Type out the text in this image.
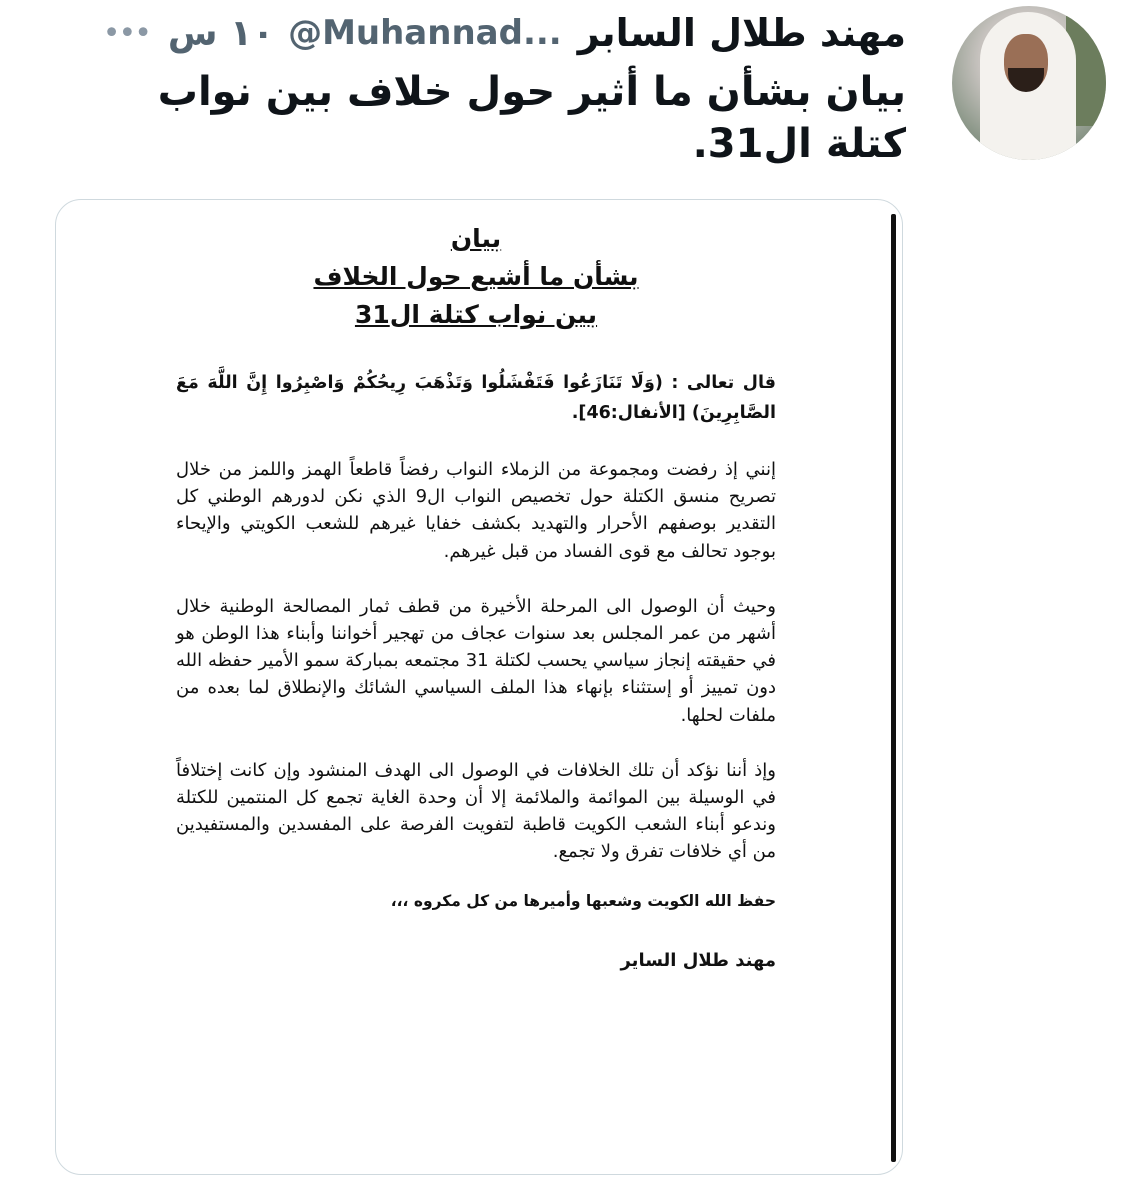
مهند طلال السابر
@Muhannad...
١٠ س
•••
بيان بشأن ما أثير حول خلاف بين نواب كتلة ال31.
بيان
بشأن ما أشيع حول الخلاف
بين نواب كتلة ال31
قال تعالى : (وَلَا تَنَازَعُوا فَتَفْشَلُوا وَتَذْهَبَ رِيحُكُمْ وَاصْبِرُوا إِنَّ اللَّهَ مَعَ الصَّابِرِينَ) [الأنفال:46].
إنني إذ رفضت ومجموعة من الزملاء النواب رفضاً قاطعاً الهمز واللمز من خلال تصريح منسق الكتلة حول تخصيص النواب ال9 الذي نكن لدورهم الوطني كل التقدير بوصفهم الأحرار والتهديد بكشف خفايا غيرهم للشعب الكويتي والإيحاء بوجود تحالف مع قوى الفساد من قبل غيرهم.
وحيث أن الوصول الى المرحلة الأخيرة من قطف ثمار المصالحة الوطنية خلال أشهر من عمر المجلس بعد سنوات عجاف من تهجير أخواننا وأبناء هذا الوطن هو في حقيقته إنجاز سياسي يحسب لكتلة 31 مجتمعه بمباركة سمو الأمير حفظه الله دون تمييز أو إستثناء بإنهاء هذا الملف السياسي الشائك والإنطلاق لما بعده من ملفات لحلها.
وإذ أننا نؤكد أن تلك الخلافات في الوصول الى الهدف المنشود وإن كانت إختلافاً في الوسيلة بين الموائمة والملائمة إلا أن وحدة الغاية تجمع كل المنتمين للكتلة وندعو أبناء الشعب الكويت قاطبة لتفويت الفرصة على المفسدين والمستفيدين من أي خلافات تفرق ولا تجمع.
حفظ الله الكويت وشعبها وأميرها من كل مكروه ،،،
مهند طلال الساير
